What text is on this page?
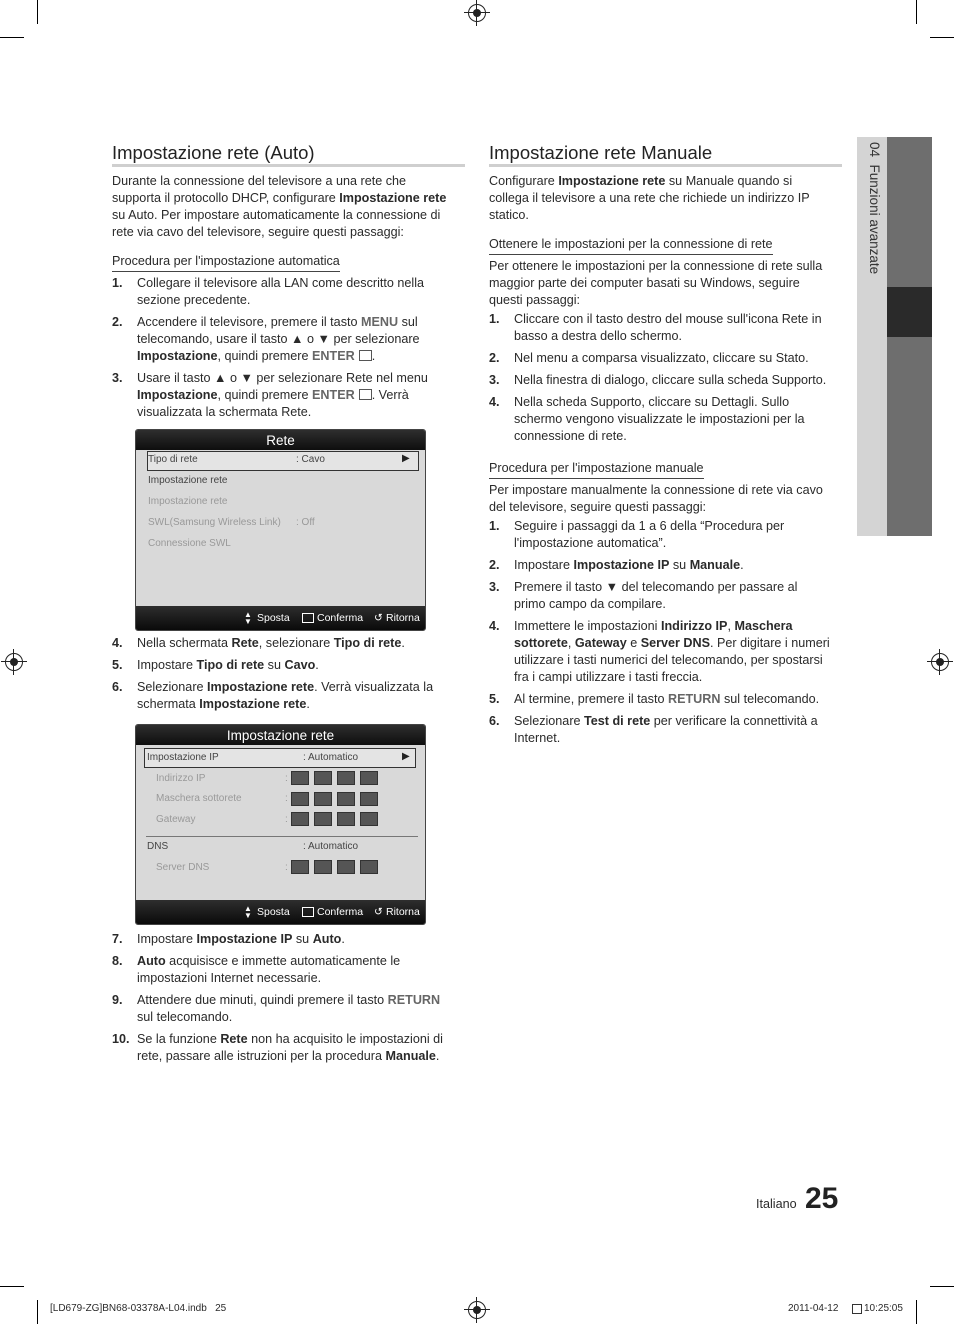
Impostazione rete (Auto)

Durante la connessione del televisore a una rete che
supporta il protocollo DHCP, configurare Impostazione rete
su Auto. Per impostare automaticamente la connessione di
rete via cavo del televisore, seguire questi passaggi:

Procedura per l'impostazione automatica
1. Collegare il televisore alla LAN come descritto nella
sezione precedente.
2. Accendere il televisore, premere il tasto MENU sul
telecomando, usare il tasto ▲ o ▼ per selezionare
Impostazione, quindi premere ENTER .
3. Usare il tasto ▲ o ▼ per selezionare Rete nel menu
Impostazione, quindi premere ENTER . Verrà
visualizzata la schermata Rete.
Rete
Tipo di rete	: Cavo	▶
Impostazione rete
Impostazione rete
SWL(Samsung Wireless Link) : Off
Connessione SWL
▲
▼ Sposta	Conferma ↺ Ritorna
4. Nella schermata Rete, selezionare Tipo di rete.
5. Impostare Tipo di rete su Cavo.
6. Selezionare Impostazione rete. Verrà visualizzata la
schermata Impostazione rete.
Impostazione rete
Impostazione IP	: Automatico	▶
Indirizzo IP	:
Maschera sottorete	:
Gateway	:
DNS	: Automatico
Server DNS	:
▲
▼ Sposta	Conferma ↺ Ritorna
7. Impostare Impostazione IP su Auto.
8. Auto acquisisce e immette automaticamente le
impostazioni Internet necessarie.
9. Attendere due minuti, quindi premere il tasto RETURN
sul telecomando.
10. Se la funzione Rete non ha acquisito le impostazioni di
rete, passare alle istruzioni per la procedura Manuale.
Impostazione rete Manuale

Configurare Impostazione rete su Manuale quando si
collega il televisore a una rete che richiede un indirizzo IP
statico.

Ottenere le impostazioni per la connessione di rete

Per ottenere le impostazioni per la connessione di rete sulla
maggior parte dei computer basati su Windows, seguire
questi passaggi:

1. Cliccare con il tasto destro del mouse sull'icona Rete in
basso a destra dello schermo.
2. Nel menu a comparsa visualizzato, cliccare su Stato.
3. Nella finestra di dialogo, cliccare sulla scheda Supporto.
4. Nella scheda Supporto, cliccare su Dettagli. Sullo
schermo vengono visualizzate le impostazioni per la
connessione di rete.
Procedura per l'impostazione manuale

Per impostare manualmente la connessione di rete via cavo
del televisore, seguire questi passaggi:

1. Seguire i passaggi da 1 a 6 della “Procedura per
l'impostazione automatica”.
2. Impostare Impostazione IP su Manuale.
3. Premere il tasto ▼ del telecomando per passare al
primo campo da compilare.
4. Immettere le impostazioni Indirizzo IP, Maschera
sottorete, Gateway e Server DNS. Per digitare i numeri
utilizzare i tasti numerici del telecomando, per spostarsi
fra i campi utilizzare i tasti freccia.
5. Al termine, premere il tasto RETURN sul telecomando.
6. Selezionare Test di rete per verificare la connettività a
Internet.
04  Funzioni avanzate
Italiano 25
[LD679-ZG]BN68-03378A-L04.indb   25	2011-04-12	10:25:05
